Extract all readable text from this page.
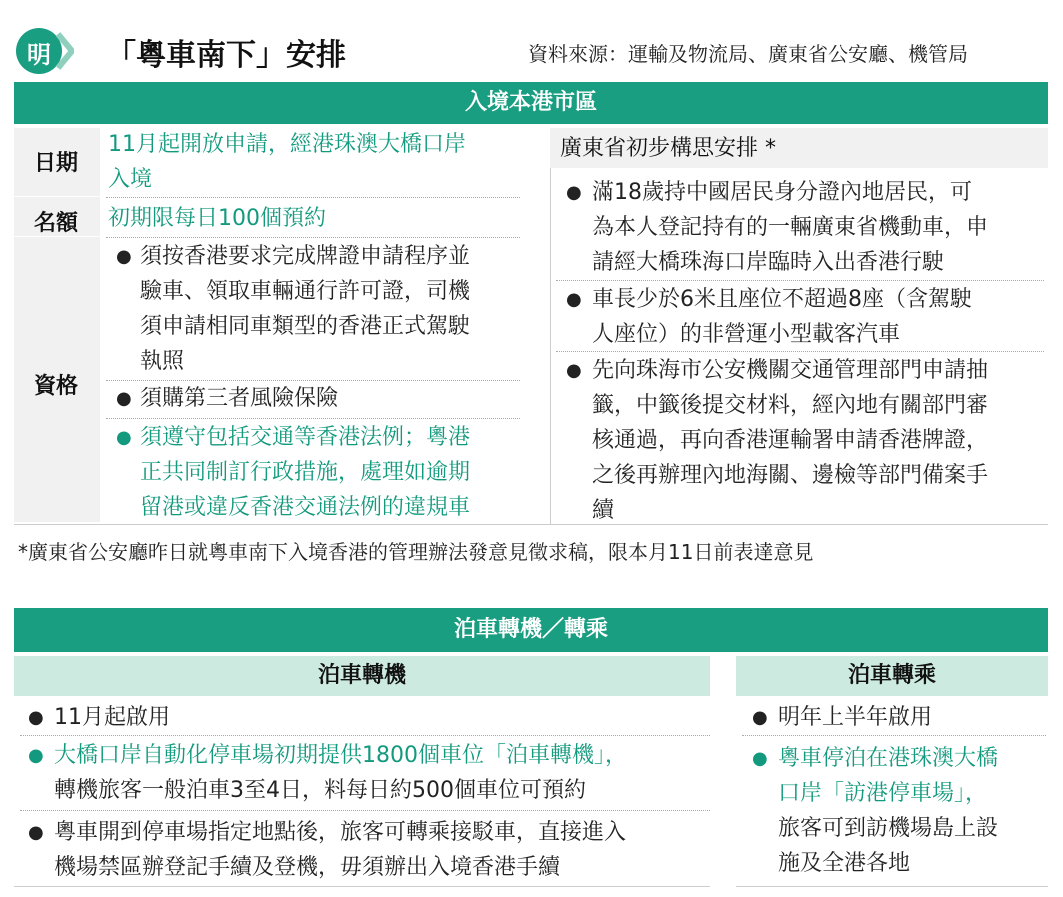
明 「粵車南下」安排	資料來源：運輸及物流局、廣東省公安廳、機管局
入境本港市區
日期
名額
資格
11月起開放申請，經港珠澳大橋口岸
入境
初期限每日100個預約
● 須按香港要求完成牌證申請程序並
驗車、領取車輛通行許可證，司機
須申請相同車類型的香港正式駕駛
執照
● 須購第三者風險保險
● 須遵守包括交通等香港法例；粵港
正共同制訂行政措施，處理如逾期
留港或違反香港交通法例的違規車
廣東省初步構思安排 *
● 滿18歲持中國居民身分證內地居民，可
為本人登記持有的一輛廣東省機動車，申
請經大橋珠海口岸臨時入出香港行駛
● 車長少於6米且座位不超過8座（含駕駛
人座位）的非營運小型載客汽車
● 先向珠海市公安機關交通管理部門申請抽
籤，中籤後提交材料，經內地有關部門審
核通過，再向香港運輸署申請香港牌證，
之後再辦理內地海關、邊檢等部門備案手
續
*廣東省公安廳昨日就粵車南下入境香港的管理辦法發意見徵求稿，限本月11日前表達意見
泊車轉機／轉乘
泊車轉機	泊車轉乘
● 11月起啟用
● 大橋口岸自動化停車場初期提供1800個車位「泊車轉機」，
轉機旅客一般泊車3至4日，料每日約500個車位可預約
● 粵車開到停車場指定地點後，旅客可轉乘接駁車，直接進入
機場禁區辦登記手續及登機，毋須辦出入境香港手續
● 明年上半年啟用
● 粵車停泊在港珠澳大橋
口岸「訪港停車場」，
旅客可到訪機場島上設
施及全港各地
